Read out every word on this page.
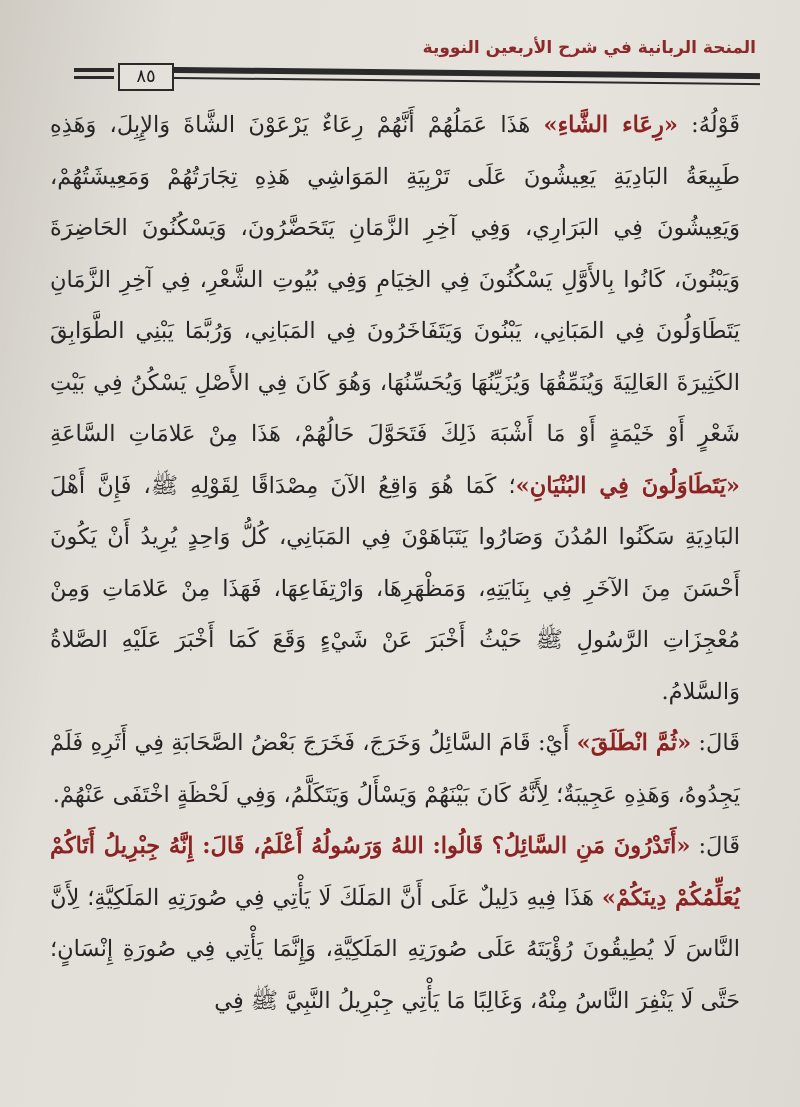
المنحة الربانية في شرح الأربعين النووية
٨٥

قَوْلُهُ: «رِعَاء الشَّاءِ» هَذَا عَمَلُهُمْ أَنَّهُمْ رِعَاءٌ يَرْعَوْنَ الشَّاةَ وَالإِبِلَ، وَهَذِهِ طَبِيعَةُ البَادِيَةِ يَعِيشُونَ عَلَى تَرْبِيَةِ المَوَاشِي هَذِهِ تِجَارَتُهُمْ وَمَعِيشَتُهُمْ، وَيَعِيشُونَ فِي البَرَارِي، وَفِي آخِرِ الزَّمَانِ يَتَحَضَّرُونَ، وَيَسْكُنُونَ الحَاضِرَةَ وَيَبْنُونَ، كَانُوا بِالأَوَّلِ يَسْكُنُونَ فِي الخِيَامِ وَفِي بُيُوتِ الشَّعْرِ، فِي آخِرِ الزَّمَانِ يَتَطَاوَلُونَ فِي المَبَانِي، يَبْنُونَ وَيَتَفَاخَرُونَ فِي المَبَانِي، وَرُبَّمَا يَبْنِي الطَّوَابِقَ الكَثِيرَةَ العَالِيَةَ وَيُنَمِّقُهَا وَيُزَيِّنُهَا وَيُحَسِّنُهَا، وَهُوَ كَانَ فِي الأَصْلِ يَسْكُنُ فِي بَيْتِ شَعْرٍ أَوْ خَيْمَةٍ أَوْ مَا أَشْبَهَ ذَلِكَ فَتَحَوَّلَ حَالُهُمْ، هَذَا مِنْ عَلامَاتِ السَّاعَةِ «يَتَطَاوَلُونَ فِي البُنْيَانِ»؛ كَمَا هُوَ وَاقِعُ الآنَ مِصْدَاقًا لِقَوْلِهِ ﷺ، فَإِنَّ أَهْلَ البَادِيَةِ سَكَنُوا المُدُنَ وَصَارُوا يَتَبَاهَوْنَ فِي المَبَانِي، كُلُّ وَاحِدٍ يُرِيدُ أَنْ يَكُونَ أَحْسَنَ مِنَ الآخَرِ فِي بِنَايَتِهِ، وَمَظْهَرِهَا، وَارْتِفَاعِهَا، فَهَذَا مِنْ عَلامَاتِ وَمِنْ مُعْجِزَاتِ الرَّسُولِ ﷺ حَيْثُ أَخْبَرَ عَنْ شَيْءٍ وَقَعَ كَمَا أَخْبَرَ عَلَيْهِ الصَّلاةُ وَالسَّلامُ.

قَالَ: «ثُمَّ انْطَلَقَ» أَيْ: قَامَ السَّائِلُ وَخَرَجَ، فَخَرَجَ بَعْضُ الصَّحَابَةِ فِي أَثَرِهِ فَلَمْ يَجِدُوهُ، وَهَذِهِ عَجِيبَةٌ؛ لِأَنَّهُ كَانَ بَيْنَهُمْ وَيَسْأَلُ وَيَتَكَلَّمُ، وَفِي لَحْظَةٍ اخْتَفَى عَنْهُمْ.

قَالَ: «أَتَدْرُونَ مَنِ السَّائِلُ؟ قَالُوا: اللهُ وَرَسُولُهُ أَعْلَمُ، قَالَ: إِنَّهُ جِبْرِيلُ أَتَاكُمْ يُعَلِّمُكُمْ دِينَكُمْ» هَذَا فِيهِ دَلِيلٌ عَلَى أَنَّ المَلَكَ لَا يَأْتِي فِي صُورَتِهِ المَلَكِيَّةِ؛ لِأَنَّ النَّاسَ لَا يُطِيقُونَ رُؤْيَتَهُ عَلَى صُورَتِهِ المَلَكِيَّةِ، وَإِنَّمَا يَأْتِي فِي صُورَةِ إِنْسَانٍ؛ حَتَّى لَا يَنْفِرَ النَّاسُ مِنْهُ، وَغَالِبًا مَا يَأْتِي جِبْرِيلُ النَّبِيَّ ﷺ فِي
